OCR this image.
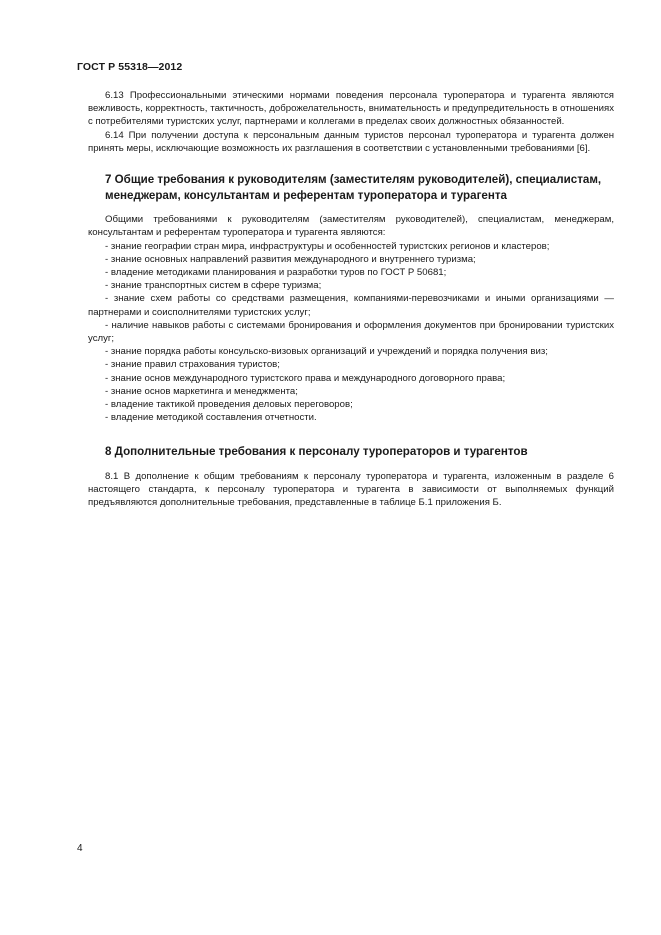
ГОСТ Р 55318—2012

6.13 Профессиональными этическими нормами поведения персонала туроператора и турагента являются вежливость, корректность, тактичность, доброжелательность, внимательность и предупредительность в отношениях с потребителями туристских услуг, партнерами и коллегами в пределах своих должностных обязанностей.

6.14 При получении доступа к персональным данным туристов персонал туроператора и турагента должен принять меры, исключающие возможность их разглашения в соответствии с установленными требованиями [6].

7 Общие требования к руководителям (заместителям руководителей), специалистам, менеджерам, консультантам и референтам туроператора и турагента

Общими требованиями к руководителям (заместителям руководителей), специалистам, менеджерам, консультантам и референтам туроператора и турагента являются:

- знание географии стран мира, инфраструктуры и особенностей туристских регионов и кластеров;
- знание основных направлений развития международного и внутреннего туризма;
- владение методиками планирования и разработки туров по ГОСТ Р 50681;
- знание транспортных систем в сфере туризма;
- знание схем работы со средствами размещения, компаниями-перевозчиками и иными организациями — партнерами и соисполнителями туристских услуг;
- наличие навыков работы с системами бронирования и оформления документов при бронировании туристских услуг;
- знание порядка работы консульско-визовых организаций и учреждений и порядка получения виз;
- знание правил страхования туристов;
- знание основ международного туристского права и международного договорного права;
- знание основ маркетинга и менеджмента;
- владение тактикой проведения деловых переговоров;
- владение методикой составления отчетности.
8 Дополнительные требования к персоналу туроператоров и турагентов

8.1 В дополнение к общим требованиям к персоналу туроператора и турагента, изложенным в разделе 6 настоящего стандарта, к персоналу туроператора и турагента в зависимости от выполняемых функций предъявляются дополнительные требования, представленные в таблице Б.1 приложения Б.

4
